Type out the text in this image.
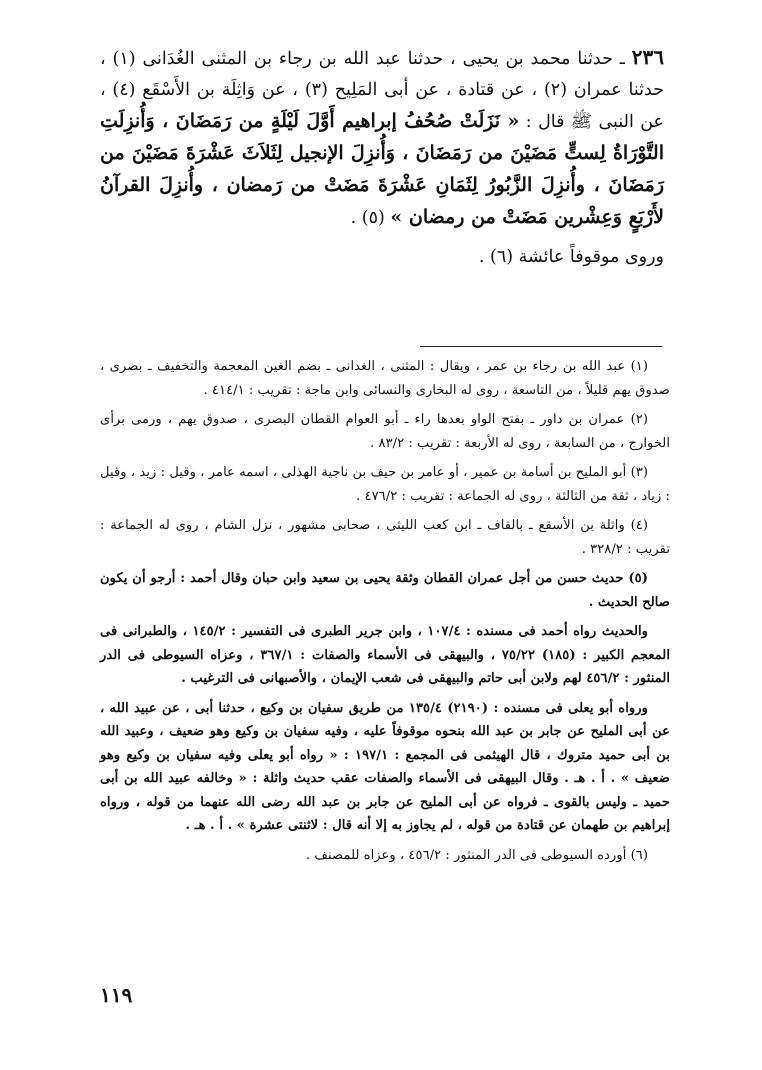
٢٣٦ ـ حدثنا محمد بن يحيى ، حدثنا عبد الله بن رجاء بن المثنى الغُدَانى (١) ، حدثنا عمران (٢) ، عن قتادة ، عن أبى المَلِيح (٣) ، عن وَاثِلَة بن الأَسْقَع (٤) ، عن النبى ﷺ قال : « نَزَلَتْ صُحُفُ إبراهيم أَوَّلَ لَيْلَةٍ من رَمَضَانَ ، وَأُنزِلَتِ التَّوْرَاةُ لِستٍّ مَضَيْنَ من رَمَضَانَ ، وَأُنزِلَ الإنجيل لِثَلاَثَ عَشْرَةَ مَضَيْنَ من رَمَضَانَ ، وأُنزِلَ الزَّبُورُ لِثَمَانِ عَشْرَةَ مَضَتْ من رَمضان ، وأُنزِلَ القرآنُ لأَرْبَعٍ وَعِشْرين مَضَتْ من رمضان » (٥) .

وروى موقوفاً عائشة (٦) .

(١) عبد الله بن رجاء بن عمر ، ويقال : المثنى ، الغدانى ـ بضم الغين المعجمة والتخفيف ـ بصرى ، صدوق يهم قليلاً ، من التاسعة ، روى له البخارى والنسائى وابن ماجة : تقريب : ٤١٤/١ .

(٢) عمران بن داور ـ بفتح الواو بعدها راء ـ أبو العوام القطان البصرى ، صدوق يهم ، ورمى برأى الخوارج ، من السابعة ، روى له الأربعة : تقريب : ٨٣/٢ .

(٣) أبو المليح بن أسامة بن عمير ، أو عامر بن حيف بن ناجية الهذلى ، اسمه عامر ، وقيل : زيد ، وقيل : زياد ، ثقة من الثالثة ، روى له الجماعة : تقريب : ٤٧٦/٢ .

(٤) واثلة بن الأسقع ـ بالقاف ـ ابن كعب الليثى ، صحابى مشهور ، نزل الشام ، روى له الجماعة : تقريب : ٣٢٨/٢ .

(٥) حديث حسن من أجل عمران القطان وثقة يحيى بن سعيد وابن حبان وقال أحمد : أرجو أن يكون صالح الحديث .

والحديث رواه أحمد فى مسنده : ١٠٧/٤ ، وابن جرير الطبرى فى التفسير : ١٤٥/٢ ، والطبرانى فى المعجم الكبير : (١٨٥) ٧٥/٢٢ ، والبيهقى فى الأسماء والصفات : ٣٦٧/١ ، وعزاه السيوطى فى الدر المنثور : ٤٥٦/٢ لهم ولابن أبى حاتم والبيهقى فى شعب الإيمان ، والأصبهانى فى الترغيب .

ورواه أبو يعلى فى مسنده : (٢١٩٠) ١٣٥/٤ من طريق سفيان بن وكيع ، حدثنا أبى ، عن عبيد الله ، عن أبى المليح عن جابر بن عبد الله بنحوه موقوفاً عليه ، وفيه سفيان بن وكيع وهو ضعيف ، وعبيد الله بن أبى حميد متروك ، قال الهيثمى فى المجمع : ١٩٧/١ : « رواه أبو يعلى وفيه سفيان بن وكيع وهو ضعيف » . أ . هـ . وقال البيهقى فى الأسماء والصفات عقب حديث واثلة : « وخالفه عبيد الله بن أبى حميد ـ وليس بالقوى ـ فرواه عن أبى المليح عن جابر بن عبد الله رضى الله عنهما من قوله ، ورواه إبراهيم بن طهمان عن قتادة من قوله ، لم يجاوز به إلا أنه قال : لاثنتى عشرة » . أ . هـ .

(٦) أورده السيوطى فى الدر المنثور : ٤٥٦/٢ ، وعزاه للمصنف .

١١٩
